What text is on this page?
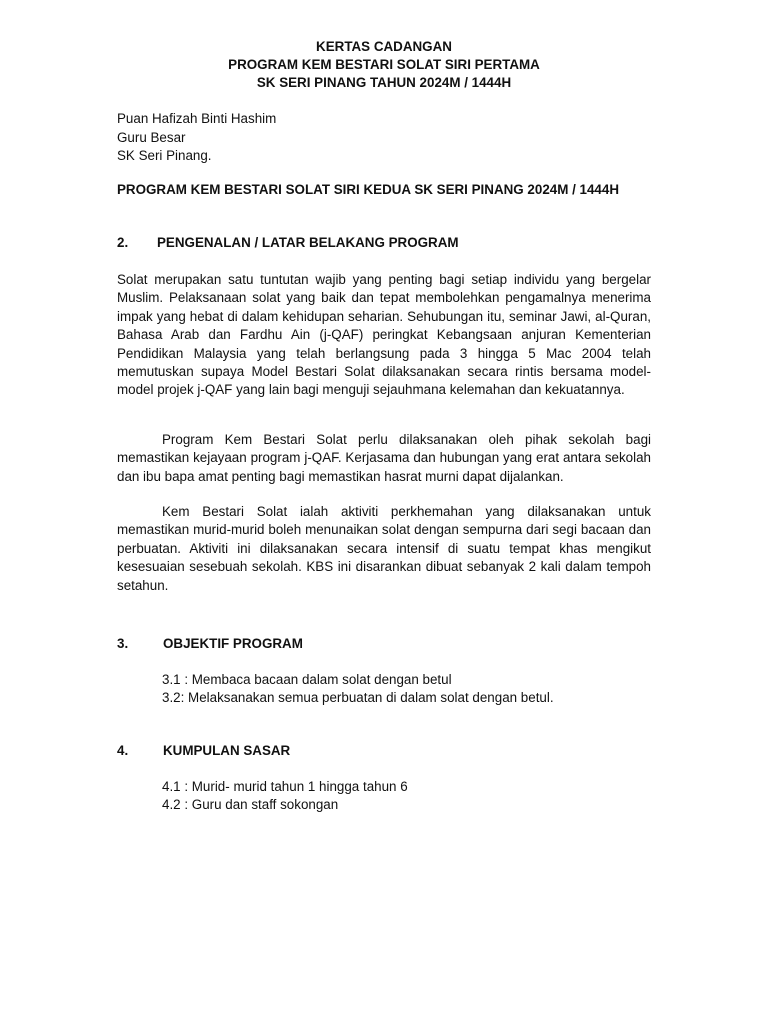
KERTAS CADANGAN
PROGRAM KEM BESTARI SOLAT SIRI PERTAMA
SK SERI PINANG TAHUN 2024M / 1444H
Puan Hafizah Binti Hashim
Guru Besar
SK Seri Pinang.
PROGRAM KEM BESTARI SOLAT SIRI KEDUA SK SERI PINANG 2024M / 1444H
2. PENGENALAN / LATAR BELAKANG PROGRAM
Solat merupakan satu tuntutan wajib yang penting bagi setiap individu yang bergelar Muslim. Pelaksanaan solat yang baik dan tepat membolehkan pengamalnya menerima impak yang hebat di dalam kehidupan seharian. Sehubungan itu, seminar Jawi, al-Quran, Bahasa Arab dan Fardhu Ain (j-QAF) peringkat Kebangsaan anjuran Kementerian Pendidikan Malaysia yang telah berlangsung pada 3 hingga 5 Mac 2004 telah memutuskan supaya Model Bestari Solat dilaksanakan secara rintis bersama model-model projek j-QAF yang lain bagi menguji sejauhmana kelemahan dan kekuatannya.
Program Kem Bestari Solat perlu dilaksanakan oleh pihak sekolah bagi memastikan kejayaan program j-QAF. Kerjasama dan hubungan yang erat antara sekolah dan ibu bapa amat penting bagi memastikan hasrat murni dapat dijalankan.
Kem Bestari Solat ialah aktiviti perkhemahan yang dilaksanakan untuk memastikan murid-murid boleh menunaikan solat dengan sempurna dari segi bacaan dan perbuatan. Aktiviti ini dilaksanakan secara intensif di suatu tempat khas mengikut kesesuaian sesebuah sekolah. KBS ini disarankan dibuat sebanyak 2 kali dalam tempoh setahun.
3.	OBJEKTIF PROGRAM
3.1 : Membaca bacaan dalam solat dengan betul
3.2: Melaksanakan semua perbuatan di dalam solat dengan betul.
4.	KUMPULAN SASAR
4.1 : Murid- murid tahun 1 hingga tahun 6
4.2 : Guru dan staff sokongan
